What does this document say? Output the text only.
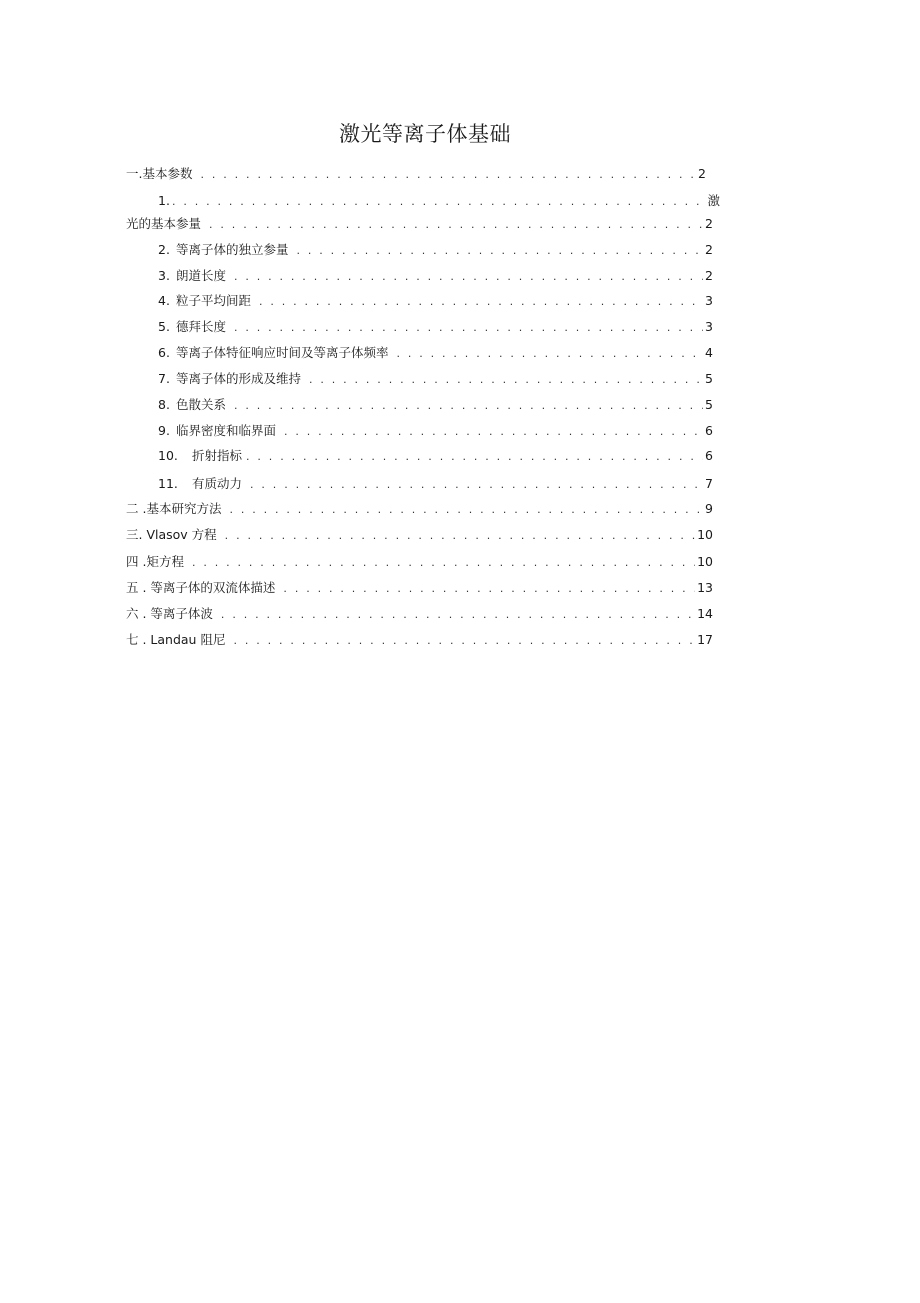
激光等离子体基础
一.基本参数 . . .	2
1. . . .	激
光的基本参量 . . .	2
2. 等离子体的独立参量 . . .	2
3. 朗道长度 . . .	2
4. 粒子平均间距 . . .	3
5. 德拜长度 . . .	3
6. 等离子体特征响应时间及等离子体频率 . . .	4
7. 等离子体的形成及维持 . . .	5
8. 色散关系 . . .	5
9. 临界密度和临界面 . . .	6
10.	折射指标 . . .	6
11.	有质动力 . . .	7
二 .基本研究方法 . . .	9
三. Vlasov 方程 . . .	10
四 .矩方程 . . .	10
五 . 等离子体的双流体描述 . . .	13
六 . 等离子体波 . . .	14
七 . Landau 阻尼 . . .	17
